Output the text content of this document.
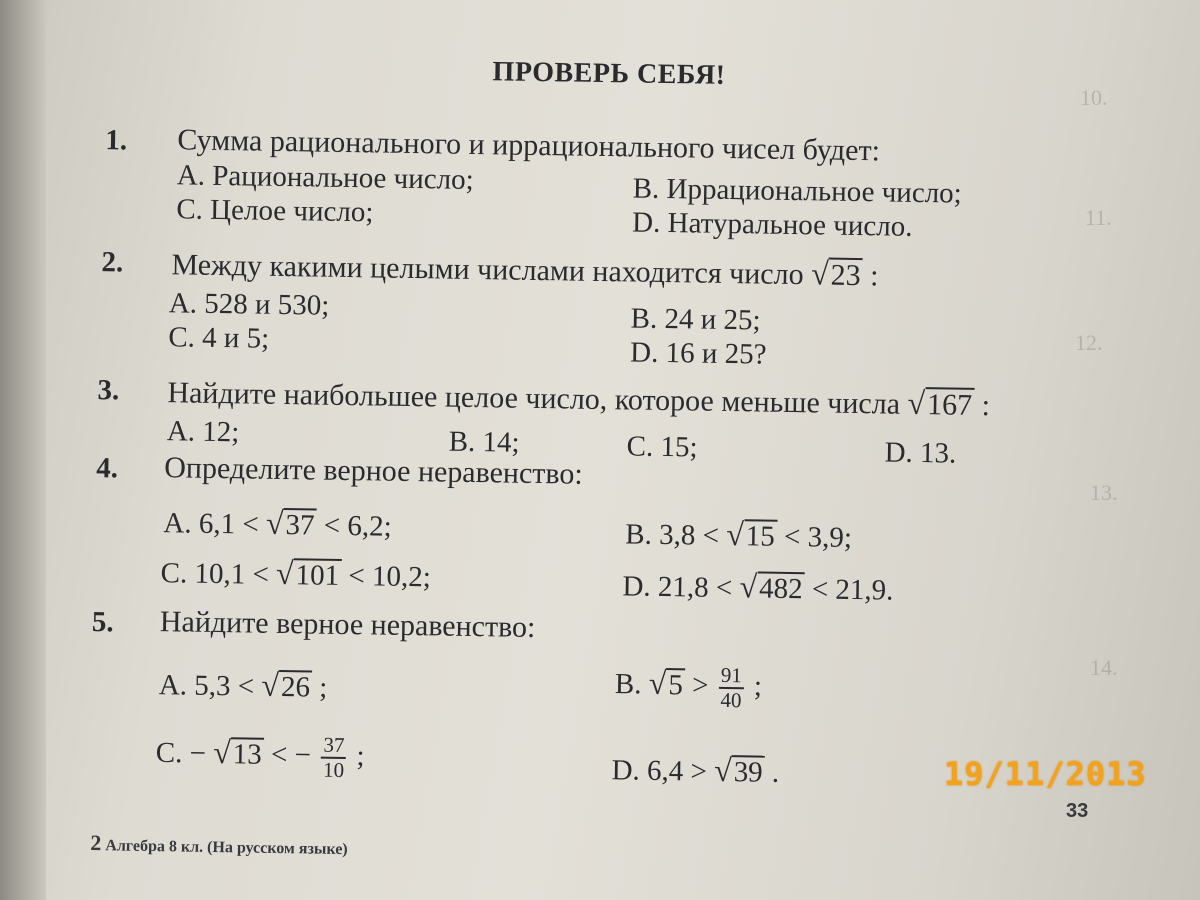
10.
11.
12.
13.
14.
ПРОВЕРЬ СЕБЯ!
1. Сумма рационального и иррационального чисел будет:
A. Рациональное число;	B. Иррациональное число;
C. Целое число;	D. Натуральное число.
2. Между какими целыми числами находится число √23 :
A. 528 и 530;	B. 24 и 25;
C. 4 и 5;	D. 16 и 25?
3. Найдите наибольшее целое число, которое меньше числа √167 :
A. 12;	B. 14;	C. 15;	D. 13.
4. Определите верное неравенство:
A. 6,1 < √37 < 6,2;	B. 3,8 < √15 < 3,9;
C. 10,1 < √101 < 10,2;	D. 21,8 < √482 < 21,9.
5. Найдите верное неравенство:
A. 5,3 < √26 ;	B. $√5 > \frac{91}{40}$ ;
C. − √13 < − $\frac{37}{10}$ ;	D. 6,4 > √39 .
2 Алгебра 8 кл. (На русском языке)
33
19/11/2013
